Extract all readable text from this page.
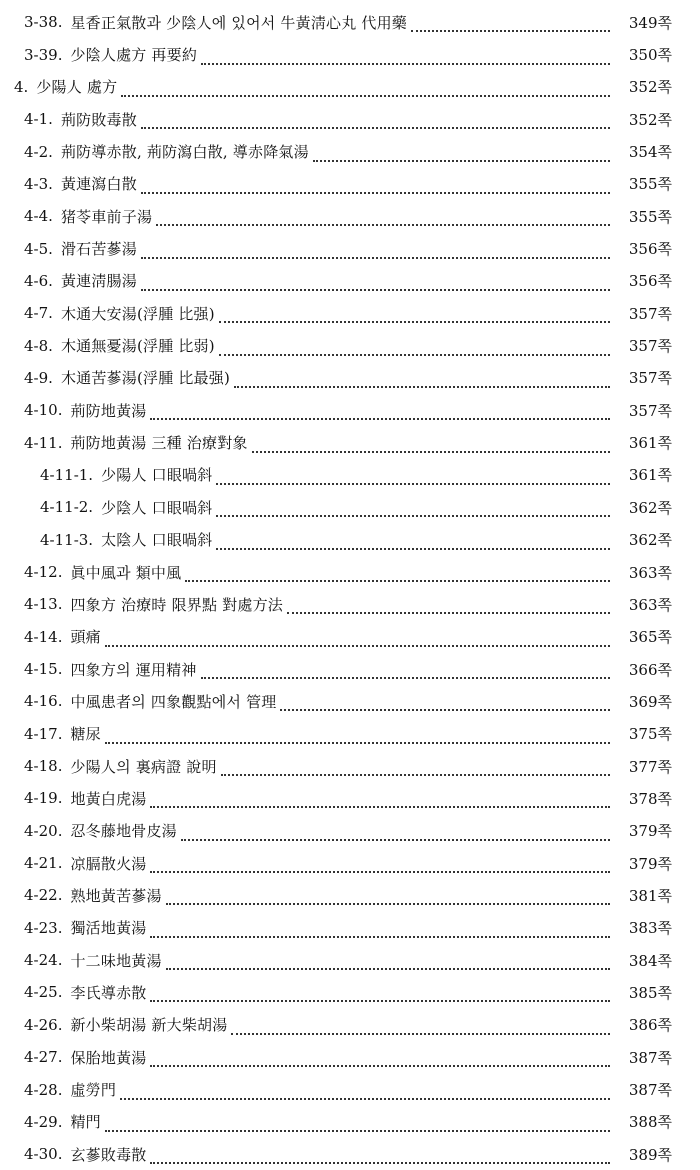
3-38. 星香正氣散과 少陰人에 있어서 牛黃淸心丸 代用藥	349쪽
3-39. 少陰人處方 再要約	350쪽
4. 少陽人 處方	352쪽
4-1. 荊防敗毒散	352쪽
4-2. 荊防導赤散, 荊防瀉白散, 導赤降氣湯	354쪽
4-3. 黃連瀉白散	355쪽
4-4. 猪苓車前子湯	355쪽
4-5. 滑石苦蔘湯	356쪽
4-6. 黃連淸腸湯	356쪽
4-7. 木通大安湯(浮腫 比强)	357쪽
4-8. 木通無憂湯(浮腫 比弱)	357쪽
4-9. 木通苦蔘湯(浮腫 比最强)	357쪽
4-10. 荊防地黃湯	357쪽
4-11. 荊防地黃湯 三種 治療對象	361쪽
4-11-1. 少陽人 口眼喎斜	361쪽
4-11-2. 少陰人 口眼喎斜	362쪽
4-11-3. 太陰人 口眼喎斜	362쪽
4-12. 眞中風과 類中風	363쪽
4-13. 四象方 治療時 限界點 對處方法	363쪽
4-14. 頭痛	365쪽
4-15. 四象方의 運用精神	366쪽
4-16. 中風患者의 四象觀點에서 管理	369쪽
4-17. 糖尿	375쪽
4-18. 少陽人의 裏病證 說明	377쪽
4-19. 地黃白虎湯	378쪽
4-20. 忍冬藤地骨皮湯	379쪽
4-21. 凉膈散火湯	379쪽
4-22. 熟地黃苦蔘湯	381쪽
4-23. 獨活地黃湯	383쪽
4-24. 十二味地黃湯	384쪽
4-25. 李氏導赤散	385쪽
4-26. 新小柴胡湯 新大柴胡湯	386쪽
4-27. 保胎地黃湯	387쪽
4-28. 虛勞門	387쪽
4-29. 精門	388쪽
4-30. 玄蔘敗毒散	389쪽
